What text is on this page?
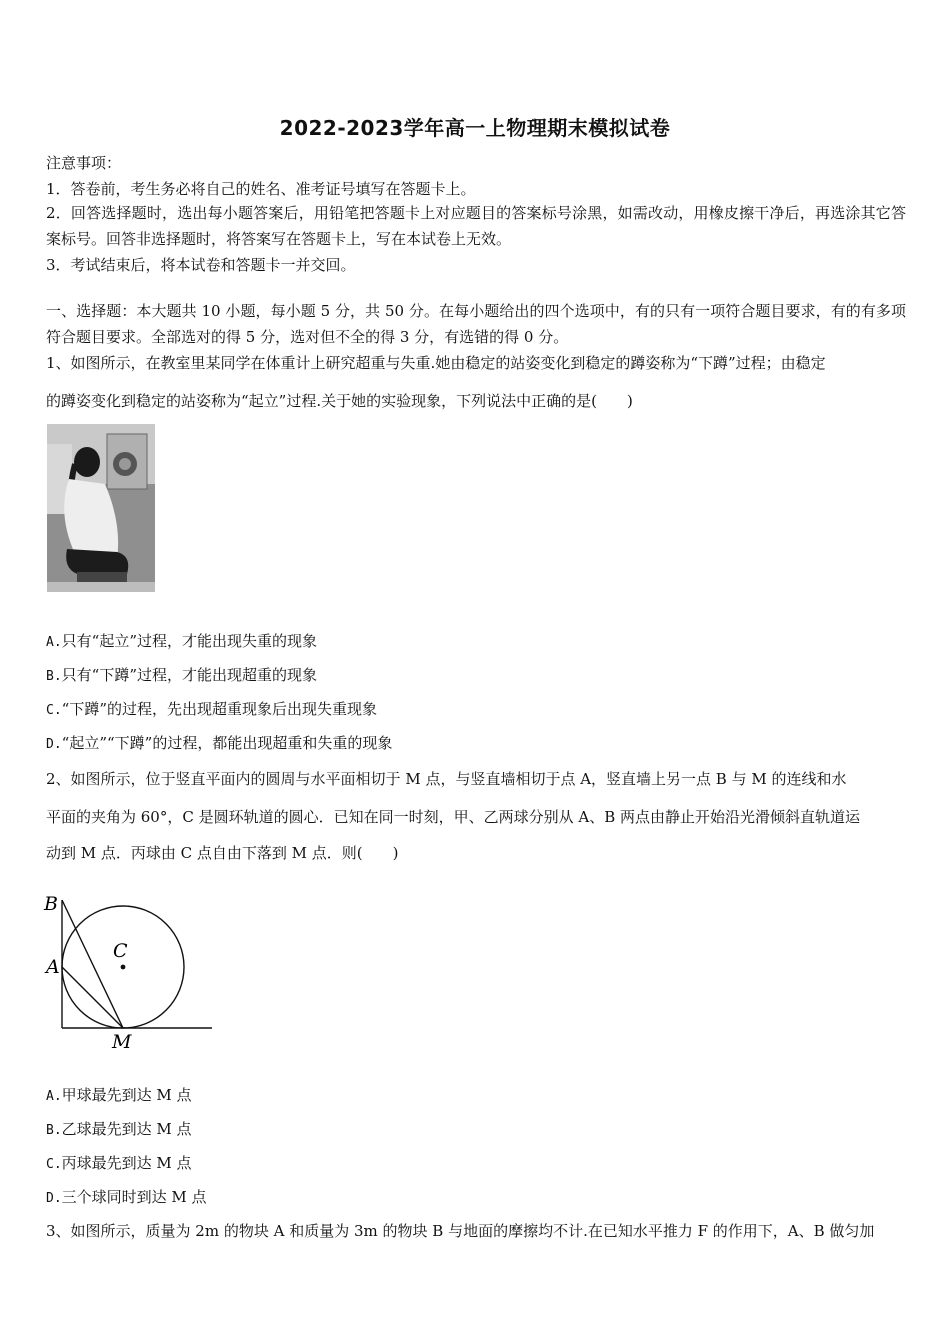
2022-2023学年高一上物理期末模拟试卷
注意事项：
1．答卷前，考生务必将自己的姓名、准考证号填写在答题卡上。
2．回答选择题时，选出每小题答案后，用铅笔把答题卡上对应题目的答案标号涂黑，如需改动，用橡皮擦干净后，再选涂其它答案标号。回答非选择题时，将答案写在答题卡上，写在本试卷上无效。
3．考试结束后，将本试卷和答题卡一并交回。
一、选择题：本大题共 10 小题，每小题 5 分，共 50 分。在每小题给出的四个选项中，有的只有一项符合题目要求，有的有多项符合题目要求。全部选对的得 5 分，选对但不全的得 3 分，有选错的得 0 分。
1、如图所示，在教室里某同学在体重计上研究超重与失重.她由稳定的站姿变化到稳定的蹲姿称为“下蹲”过程；由稳定
的蹲姿变化到稳定的站姿称为“起立”过程.关于她的实验现象，下列说法中正确的是(　　)
A.只有“起立”过程，才能出现失重的现象
B.只有“下蹲”过程，才能出现超重的现象
C.“下蹲”的过程，先出现超重现象后出现失重现象
D.“起立”“下蹲”的过程，都能出现超重和失重的现象
2、如图所示，位于竖直平面内的圆周与水平面相切于 M 点，与竖直墙相切于点 A，竖直墙上另一点 B 与 M 的连线和水
平面的夹角为 60°，C 是圆环轨道的圆心．已知在同一时刻，甲、乙两球分别从 A、B 两点由静止开始沿光滑倾斜直轨道运
动到 M 点．丙球由 C 点自由下落到 M 点．则(　　)
B
A
C
M
A.甲球最先到达 M 点
B.乙球最先到达 M 点
C.丙球最先到达 M 点
D.三个球同时到达 M 点
3、如图所示，质量为 2m 的物块 A 和质量为 3m 的物块 B 与地面的摩擦均不计.在已知水平推力 F 的作用下，A、B 做匀加
